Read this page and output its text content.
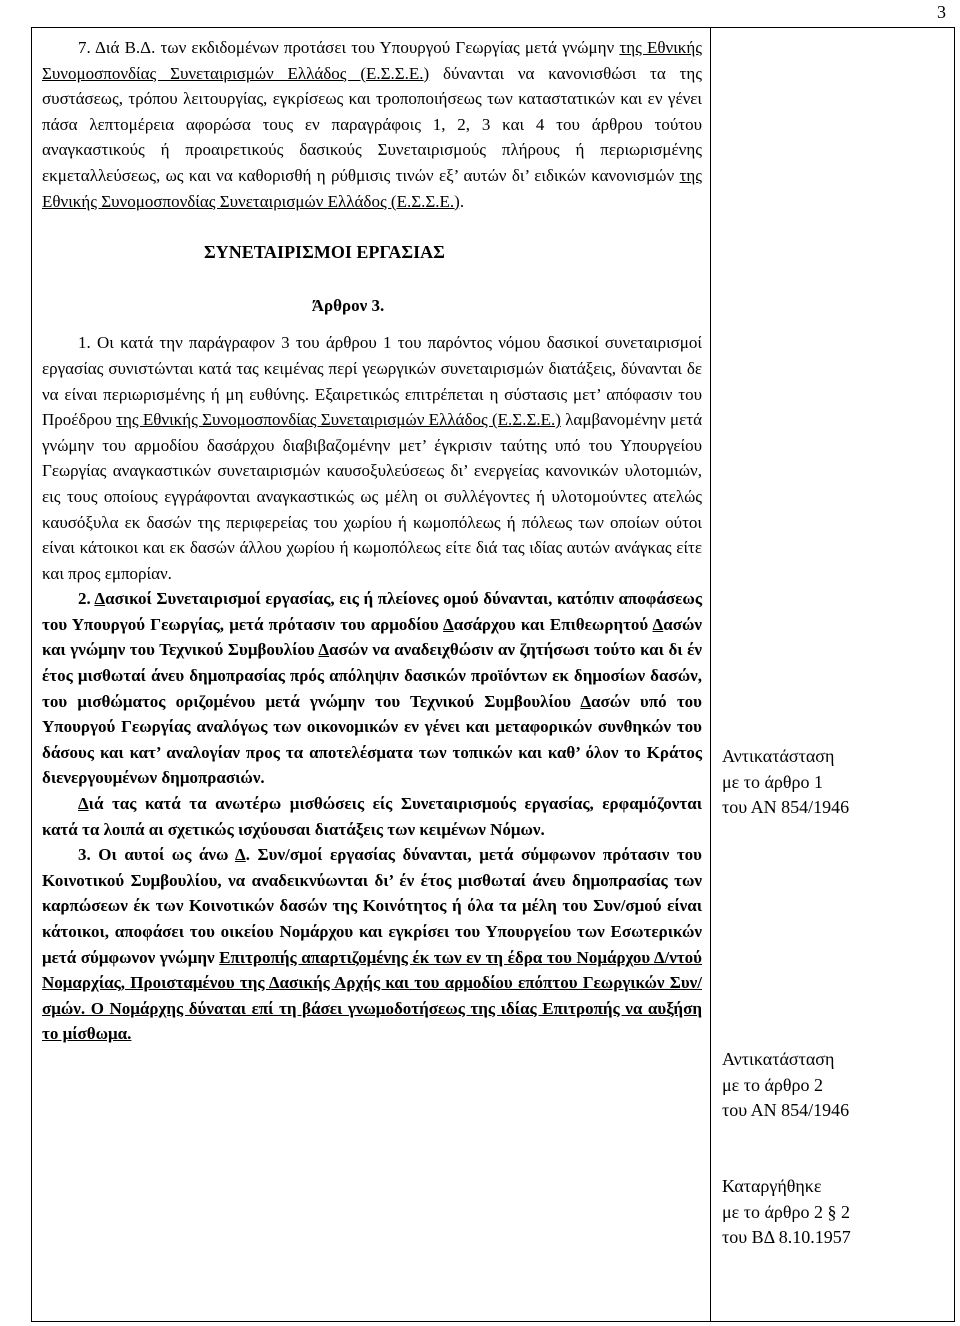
3

7. Διά Β.Δ. των εκδιδομένων προτάσει του Υπουργού Γεωργίας μετά γνώμην της Εθνικής Συνομοσπονδίας Συνεταιρισμών Ελλάδος (Ε.Σ.Σ.Ε.) δύνανται να κανονισθώσι τα της συστάσεως, τρόπου λειτουργίας, εγκρίσεως και τροποποιήσεως των καταστατικών και εν γένει πάσα λεπτομέρεια αφορώσα τους εν παραγράφοις 1, 2, 3 και 4 του άρθρου τούτου αναγκαστικούς ή προαιρετικούς δασικούς Συνεταιρισμούς πλήρους ή περιωρισμένης εκμεταλλεύσεως, ως και να καθορισθή η ρύθμισις τινών εξ’ αυτών δι’ ειδικών κανονισμών της Εθνικής Συνομοσπονδίας Συνεταιρισμών Ελλάδος (Ε.Σ.Σ.Ε.).

ΣΥΝΕΤΑΙΡΙΣΜΟΙ ΕΡΓΑΣΙΑΣ

Άρθρον 3.

1. Οι κατά την παράγραφον 3 του άρθρου 1 του παρόντος νόμου δασικοί συνεταιρισμοί εργασίας συνιστώνται κατά τας κειμένας περί γεωργικών συνεταιρισμών διατάξεις, δύνανται δε να είναι περιωρισμένης ή μη ευθύνης. Εξαιρετικώς επιτρέπεται η σύστασις μετ’ απόφασιν του Προέδρου της Εθνικής Συνομοσπονδίας Συνεταιρισμών Ελλάδος (Ε.Σ.Σ.Ε.) λαμβανομένην μετά γνώμην του αρμοδίου δασάρχου διαβιβαζομένην μετ’ έγκρισιν ταύτης υπό του Υπουργείου Γεωργίας αναγκαστικών συνεταιρισμών καυσοξυλεύσεως δι’ ενεργείας κανονικών υλοτομιών, εις τους οποίους εγγράφονται αναγκαστικώς ως μέλη οι συλλέγοντες ή υλοτομούντες ατελώς καυσόξυλα εκ δασών της περιφερείας του χωρίου ή κωμοπόλεως ή πόλεως των οποίων ούτοι είναι κάτοικοι και εκ δασών άλλου χωρίου ή κωμοπόλεως είτε διά τας ιδίας αυτών ανάγκας είτε και προς εμπορίαν.

2. Δασικοί Συνεταιρισμοί εργασίας, εις ή πλείονες ομού δύνανται, κατόπιν αποφάσεως του Υπουργού Γεωργίας, μετά πρότασιν του αρμοδίου Δασάρχου και Επιθεωρητού Δασών και γνώμην του Τεχνικού Συμβουλίου Δασών να αναδειχθώσιν αν ζητήσωσι τούτο και δι έν έτος μισθωταί άνευ δημοπρασίας πρός απόληψιν δασικών προϊόντων εκ δημοσίων δασών, του μισθώματος οριζομένου μετά γνώμην του Τεχνικού Συμβουλίου Δασών υπό του Υπουργού Γεωργίας αναλόγως των οικονομικών εν γένει και μεταφορικών συνθηκών του δάσους και κατ’ αναλογίαν προς τα αποτελέσματα των τοπικών και καθ’ όλον το Κράτος διενεργουμένων δημοπρασιών.

Διά τας κατά τα ανωτέρω μισθώσεις είς Συνεταιρισμούς εργασίας, ερφαμόζονται κατά τα λοιπά αι σχετικώς ισχύουσαι διατάξεις των κειμένων Νόμων.

3. Οι αυτοί ως άνω Δ. Συν/σμοί εργασίας δύνανται, μετά σύμφωνον πρότασιν του Κοινοτικού Συμβουλίου, να αναδεικνύωνται δι’ έν έτος μισθωταί άνευ δημοπρασίας των καρπώσεων έκ των Κοινοτικών δασών της Κοινότητος ή όλα τα μέλη του Συν/σμού είναι κάτοικοι, αποφάσει του οικείου Νομάρχου και εγκρίσει του Υπουργείου των Εσωτερικών μετά σύμφωνον γνώμην Επιτροπής απαρτιζομένης έκ των εν τη έδρα του Νομάρχου Δ/ντού Νομαρχίας, Προισταμένου της Δασικής Αρχής και του αρμοδίου επόπτου Γεωργικών Συν/σμών. Ο Νομάρχης δύναται επί τη βάσει γνωμοδοτήσεως της ιδίας Επιτροπής να αυξήση το μίσθωμα.

Αντικατάσταση
με το άρθρο 1
του ΑΝ 854/1946
Αντικατάσταση
με το άρθρο 2
του ΑΝ 854/1946
Καταργήθηκε
με το άρθρο 2 § 2
του ΒΔ 8.10.1957
